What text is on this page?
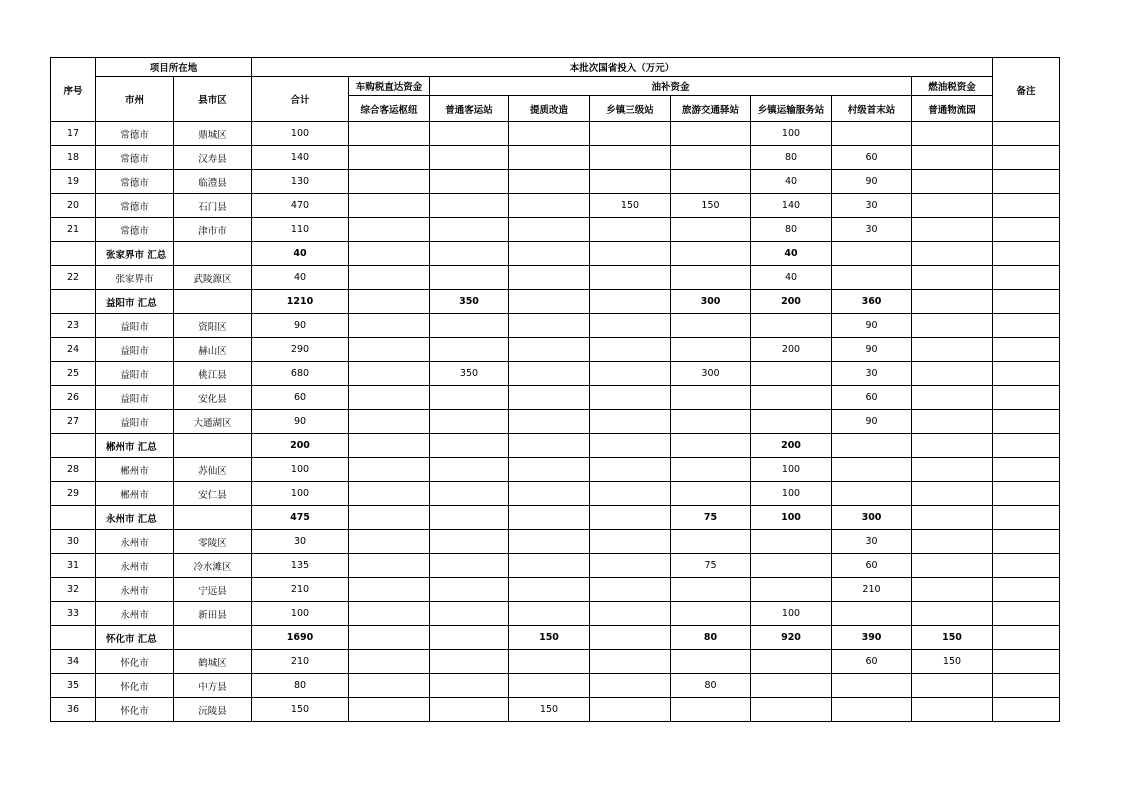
序号	项目所在地		本批次国省投入（万元）									备注
	市州	县市区	合计	车购税直达资金	油补资金						燃油税资金	
				综合客运枢纽	普通客运站	提质改造	乡镇三级站	旅游交通驿站	乡镇运输服务站	村级首末站	普通物流园	
17	常德市	鼎城区	100						100			
18	常德市	汉寿县	140						80	60		
19	常德市	临澧县	130						40	90		
20	常德市	石门县	470				150	150	140	30		
21	常德市	津市市	110						80	30		
	张家界市 汇总		40						40			
22	张家界市	武陵源区	40						40			
	益阳市 汇总		1210		350			300	200	360		
23	益阳市	资阳区	90							90		
24	益阳市	赫山区	290						200	90		
25	益阳市	桃江县	680		350			300		30		
26	益阳市	安化县	60							60		
27	益阳市	大通湖区	90							90		
	郴州市 汇总		200						200			
28	郴州市	苏仙区	100						100			
29	郴州市	安仁县	100						100			
	永州市 汇总		475					75	100	300		
30	永州市	零陵区	30							30		
31	永州市	冷水滩区	135					75		60		
32	永州市	宁远县	210							210		
33	永州市	新田县	100						100			
	怀化市 汇总		1690			150		80	920	390	150	
34	怀化市	鹤城区	210							60	150	
35	怀化市	中方县	80					80				
36	怀化市	沅陵县	150			150						
